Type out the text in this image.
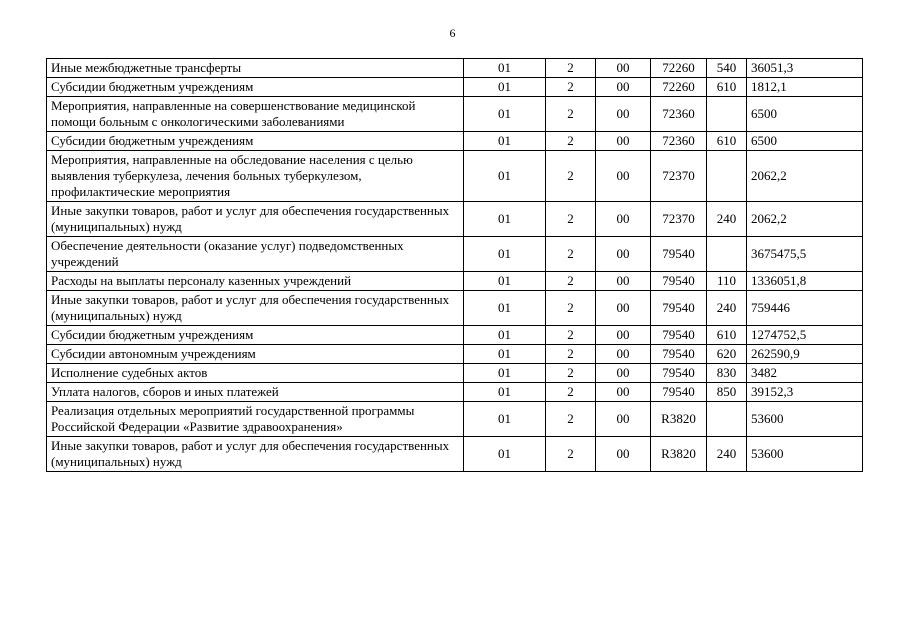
6
Иные межбюджетные трансферты	01	2	00	72260	540	36051,3
Субсидии бюджетным учреждениям	01	2	00	72260	610	1812,1
Мероприятия, направленные на совершенствование медицинской помощи больным с онкологическими заболеваниями	01	2	00	72360		6500
Субсидии бюджетным учреждениям	01	2	00	72360	610	6500
Мероприятия, направленные на обследование населения с целью выявления туберкулеза, лечения больных туберкулезом, профилактические мероприятия	01	2	00	72370		2062,2
Иные закупки товаров, работ и услуг для обеспечения государственных (муниципальных) нужд	01	2	00	72370	240	2062,2
Обеспечение деятельности (оказание услуг) подведомственных учреждений	01	2	00	79540		3675475,5
Расходы на выплаты персоналу казенных учреждений	01	2	00	79540	110	1336051,8
Иные закупки товаров, работ и услуг для обеспечения государственных (муниципальных) нужд	01	2	00	79540	240	759446
Субсидии бюджетным учреждениям	01	2	00	79540	610	1274752,5
Субсидии автономным учреждениям	01	2	00	79540	620	262590,9
Исполнение судебных актов	01	2	00	79540	830	3482
Уплата налогов, сборов и иных платежей	01	2	00	79540	850	39152,3
Реализация отдельных мероприятий государственной программы Российской Федерации «Развитие здравоохранения»	01	2	00	R3820		53600
Иные закупки товаров, работ и услуг для обеспечения государственных (муниципальных) нужд	01	2	00	R3820	240	53600
